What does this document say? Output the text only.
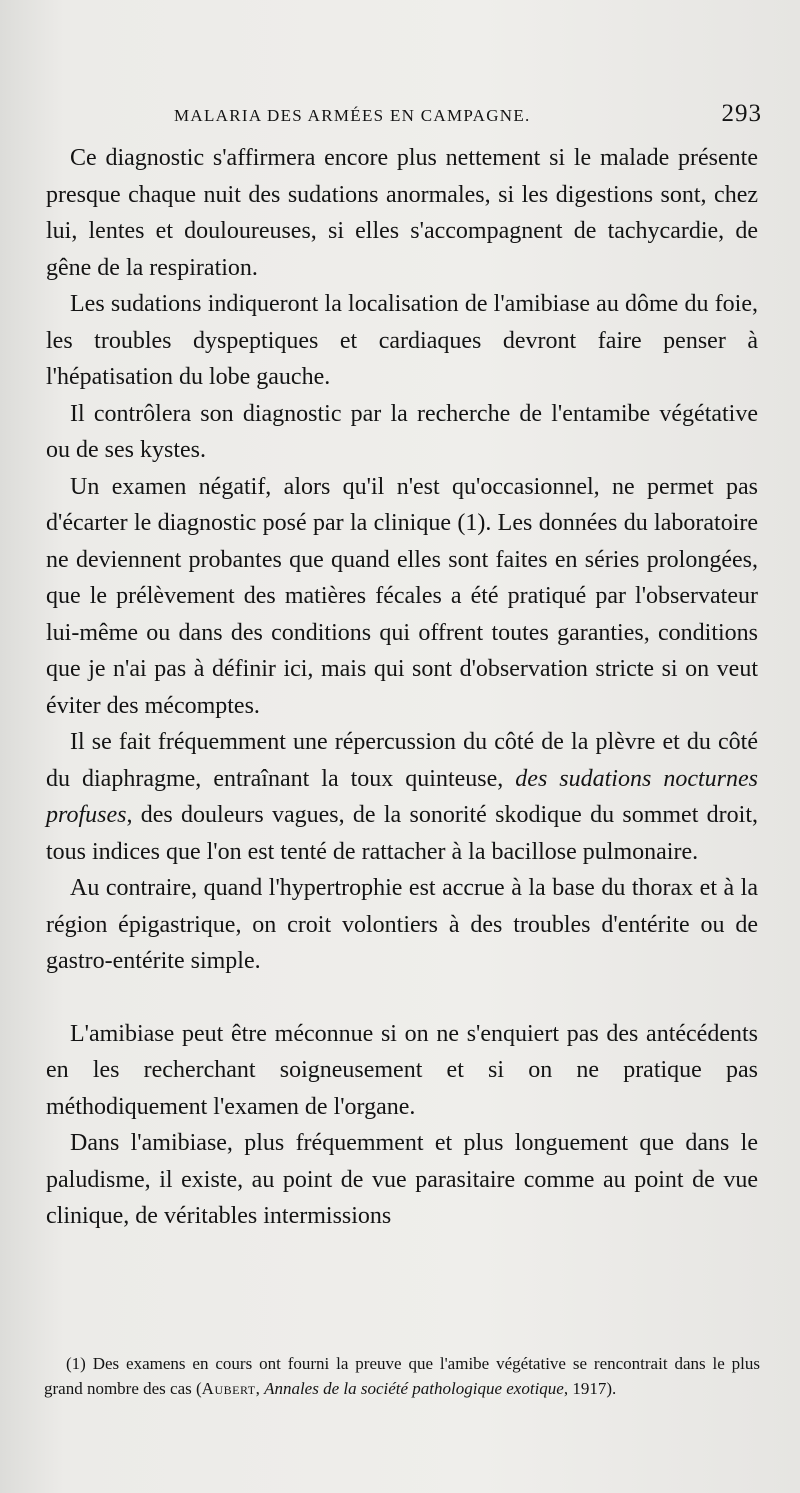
MALARIA DES ARMÉES EN CAMPAGNE.	293

Ce diagnostic s'affirmera encore plus nettement si le malade présente presque chaque nuit des sudations anormales, si les digestions sont, chez lui, lentes et douloureuses, si elles s'accompagnent de tachycardie, de gêne de la respiration.

Les sudations indiqueront la localisation de l'amibiase au dôme du foie, les troubles dyspeptiques et cardiaques devront faire penser à l'hépatisation du lobe gauche.

Il contrôlera son diagnostic par la recherche de l'entamibe végétative ou de ses kystes.

Un examen négatif, alors qu'il n'est qu'occasionnel, ne permet pas d'écarter le diagnostic posé par la clinique (1). Les données du laboratoire ne deviennent probantes que quand elles sont faites en séries prolongées, que le prélèvement des matières fécales a été pratiqué par l'observateur lui-même ou dans des conditions qui offrent toutes garanties, conditions que je n'ai pas à définir ici, mais qui sont d'observation stricte si on veut éviter des mécomptes.

Il se fait fréquemment une répercussion du côté de la plèvre et du côté du diaphragme, entraînant la toux quinteuse, des sudations nocturnes profuses, des douleurs vagues, de la sonorité skodique du sommet droit, tous indices que l'on est tenté de rattacher à la bacillose pulmonaire.

Au contraire, quand l'hypertrophie est accrue à la base du thorax et à la région épigastrique, on croit volontiers à des troubles d'entérite ou de gastro-entérite simple.

L'amibiase peut être méconnue si on ne s'enquiert pas des antécédents en les recherchant soigneusement et si on ne pratique pas méthodiquement l'examen de l'organe.

Dans l'amibiase, plus fréquemment et plus longuement que dans le paludisme, il existe, au point de vue parasitaire comme au point de vue clinique, de véritables intermissions

(1) Des examens en cours ont fourni la preuve que l'amibe végétative se rencontrait dans le plus grand nombre des cas (Aubert, Annales de la société pathologique exotique, 1917).
